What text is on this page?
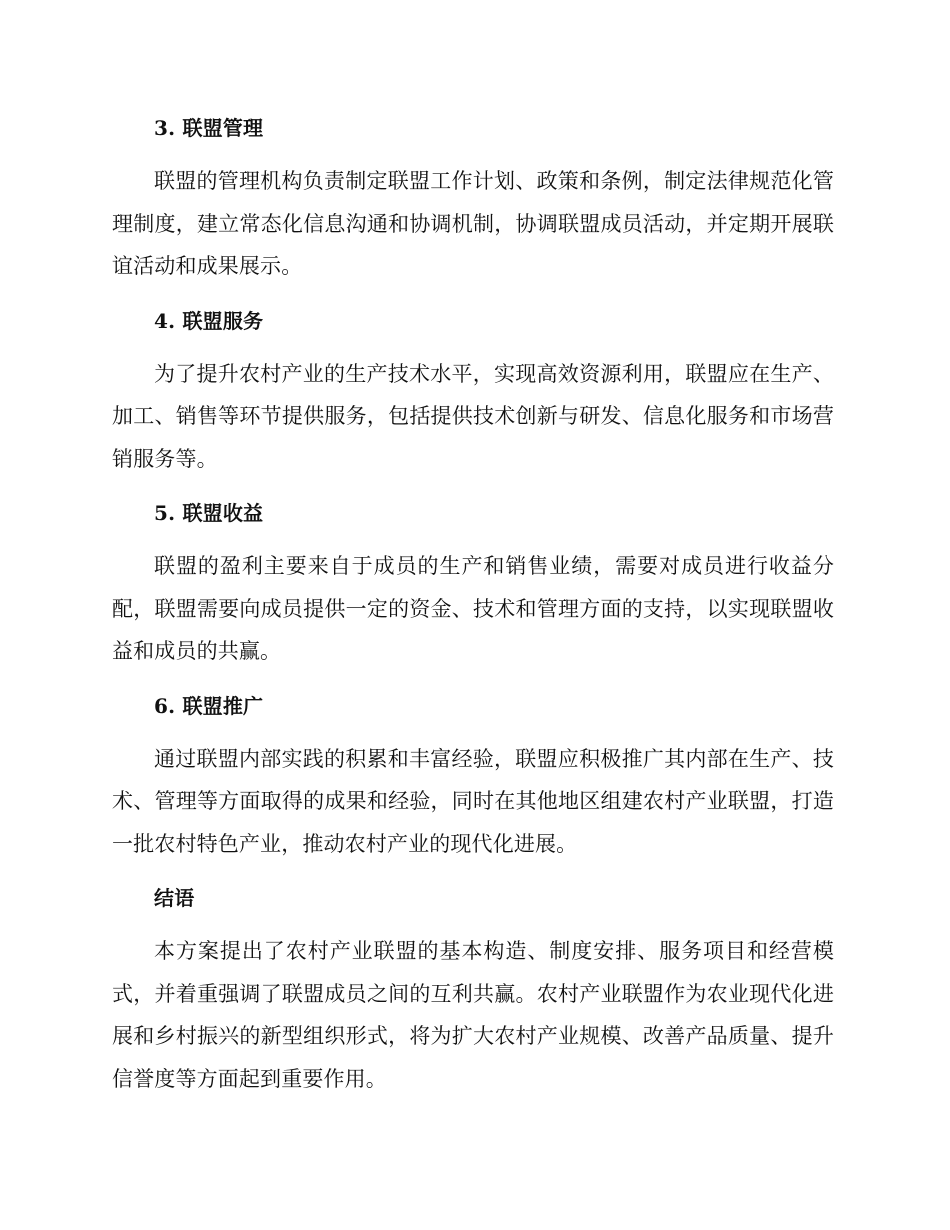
3. 联盟管理

联盟的管理机构负责制定联盟工作计划、政策和条例，制定法律规范化管理制度，建立常态化信息沟通和协调机制，协调联盟成员活动，并定期开展联谊活动和成果展示。

4. 联盟服务

为了提升农村产业的生产技术水平，实现高效资源利用，联盟应在生产、加工、销售等环节提供服务，包括提供技术创新与研发、信息化服务和市场营销服务等。

5. 联盟收益

联盟的盈利主要来自于成员的生产和销售业绩，需要对成员进行收益分配，联盟需要向成员提供一定的资金、技术和管理方面的支持，以实现联盟收益和成员的共赢。

6. 联盟推广

通过联盟内部实践的积累和丰富经验，联盟应积极推广其内部在生产、技术、管理等方面取得的成果和经验，同时在其他地区组建农村产业联盟，打造一批农村特色产业，推动农村产业的现代化进展。

结语

本方案提出了农村产业联盟的基本构造、制度安排、服务项目和经营模式，并着重强调了联盟成员之间的互利共赢。农村产业联盟作为农业现代化进展和乡村振兴的新型组织形式，将为扩大农村产业规模、改善产品质量、提升信誉度等方面起到重要作用。
